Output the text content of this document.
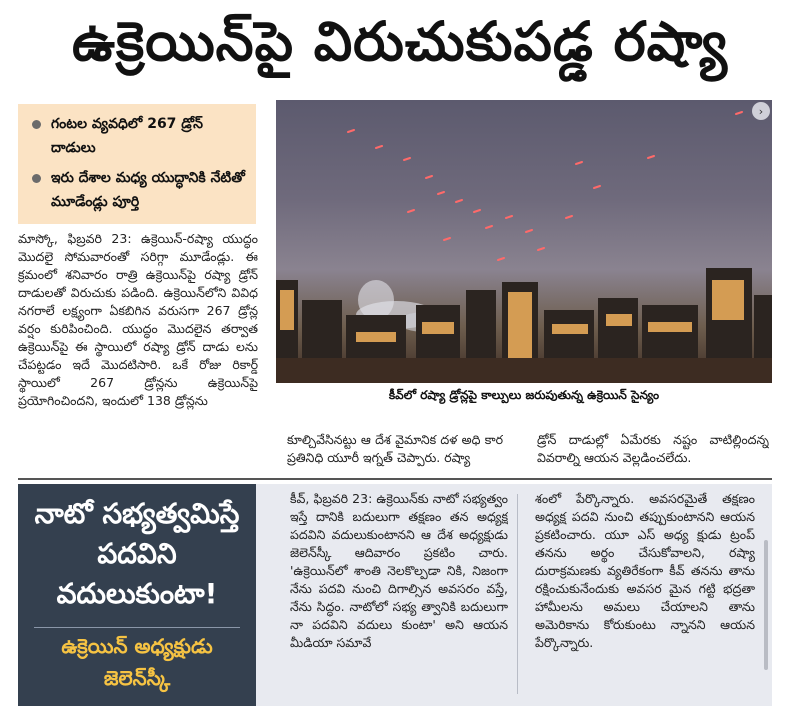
ఉక్రెయిన్‌పై విరుచుకుపడ్డ రష్యా
గంటల వ్యవధిలో 267 డ్రోన్ దాడులు
ఇరు దేశాల మధ్య యుద్ధానికి నేటితో మూడేండ్లు పూర్తి
›
కీవ్‌లో రష్యా డ్రోన్లపై కాల్పులు జరుపుతున్న ఉక్రెయిన్ సైన్యం
మాస్కో, ఫిబ్రవరి 23: ఉక్రెయిన్-రష్యా యుద్ధం మొదలై సోమవారంతో సరిగ్గా మూడేండ్లు. ఈ క్రమంలో శనివారం రాత్రి ఉక్రెయిన్‌పై రష్యా డ్రోన్ దాడులతో విరుచుకు పడింది. ఉక్రెయిన్‌లోని వివిధ నగరాలే లక్ష్యంగా ఏకబిగిన వరుసగా 267 డ్రోన్ల వర్షం కురిపించింది. యుద్ధం మొదలైన తర్వాత ఉక్రెయిన్‌పై ఈ స్థాయిలో రష్యా డ్రోన్ దాడు లను చేపట్టడం ఇదే మొదటిసారి. ఒకే రోజు రికార్డ్ స్థాయిలో 267 డ్రోన్లను ఉక్రెయిన్‌పై ప్రయోగించిందని, ఇందులో 138 డ్రోన్లను
కూల్చివేసినట్టు ఆ దేశ వైమానిక దళ అధి కార ప్రతినిధి యూరీ ఇగ్నత్ చెప్పారు. రష్యా
డ్రోన్ దాడుల్లో ఏమేరకు నష్టం వాటిల్లిందన్న వివరాల్ని ఆయన వెల్లడించలేదు.
నాటో సభ్యత్వమిస్తే పదవిని వదులుకుంటా!
ఉక్రెయిన్ అధ్యక్షుడు జెలెన్‌స్కీ
కీవ్, ఫిబ్రవరి 23: ఉక్రెయిన్‌కు నాటో సభ్యత్వం ఇస్తే దానికి బదులుగా తక్షణం తన అధ్యక్ష పదవిని వదులుకుంటానని ఆ దేశ అధ్యక్షుడు జెలెన్‌స్కీ ఆదివారం ప్రకటిం చారు. 'ఉక్రెయిన్‌లో శాంతి నెలకొల్పడా నికి, నిజంగా నేను పదవి నుంచి దిగాల్సిన అవసరం వస్తే, నేను సిద్ధం. నాటోలో సభ్య త్వానికి బదులుగా నా పదవిని వదులు కుంటా' అని ఆయన మీడియా సమావే
శంలో పేర్కొన్నారు. అవసరమైతే తక్షణం అధ్యక్ష పదవి నుంచి తప్పుకుంటానని ఆయన ప్రకటించారు. యూ ఎస్ అధ్య క్షుడు ట్రంప్ తనను అర్థం చేసుకోవాలని, రష్యా దురాక్రమణకు వ్యతిరేకంగా కీవ్ తనను తాను రక్షించుకునేందుకు అవసర మైన గట్టి భద్రతా హామీలను అమలు చేయాలని తాను అమెరికాను కోరుకుంటు న్నానని ఆయన పేర్కొన్నారు.
